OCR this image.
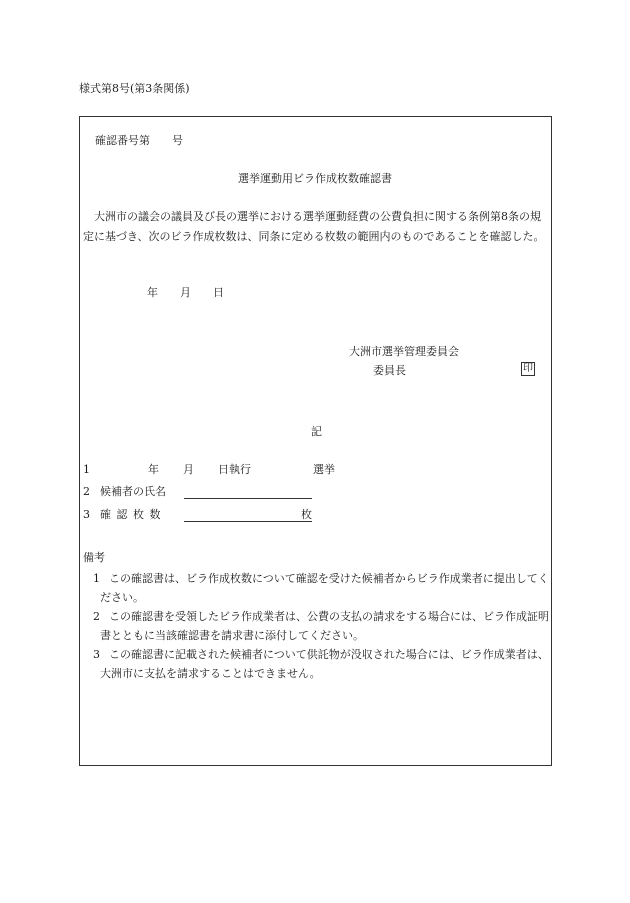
様式第8号(第3条関係)
確認番号第　　号
選挙運動用ビラ作成枚数確認書
大洲市の議会の議員及び長の選挙における選挙運動経費の公費負担に関する条例第8条の規定に基づき、次のビラ作成枚数は、同条に定める枚数の範囲内のものであることを確認した。
年　　月　　日
大洲市選挙管理委員会
委員長	印
記
1	年 月 日執行	選挙
2 候補者の氏名
3 確 認 枚 数	枚
備考
1 この確認書は、ビラ作成枚数について確認を受けた候補者からビラ作成業者に提出してください。
2 この確認書を受領したビラ作成業者は、公費の支払の請求をする場合には、ビラ作成証明書とともに当該確認書を請求書に添付してください。
3 この確認書に記載された候補者について供託物が没収された場合には、ビラ作成業者は、大洲市に支払を請求することはできません。
